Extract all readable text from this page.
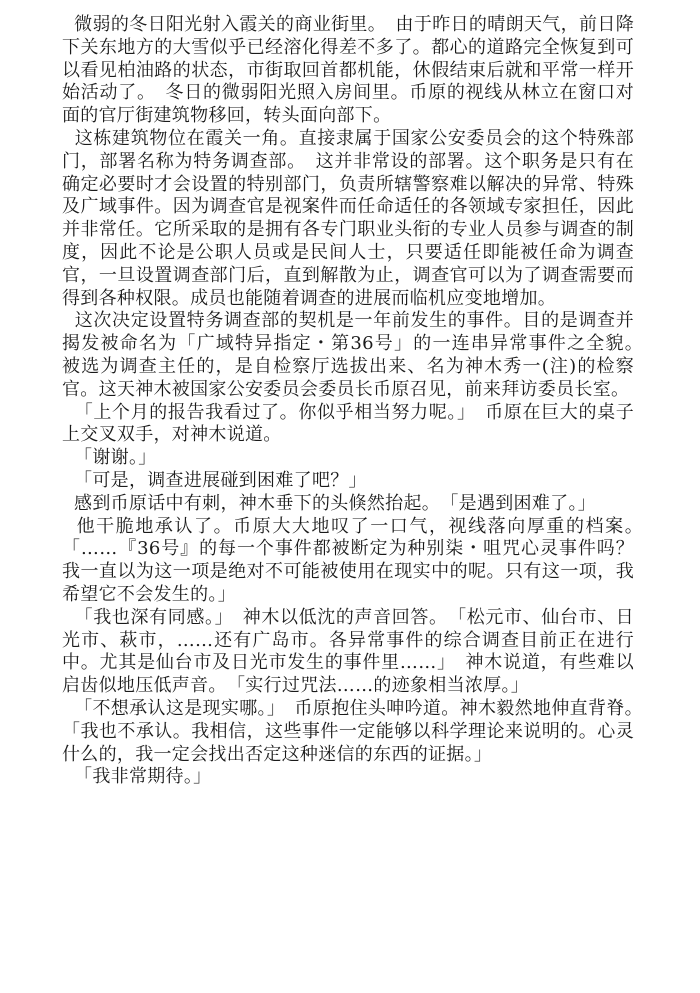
微弱的冬日阳光射入霞关的商业街里。　由于昨日的晴朗天气，前日降下关东地方的大雪似乎已经溶化得差不多了。都心的道路完全恢复到可以看见柏油路的状态，市街取回首都机能，休假结束后就和平常一样开始活动了。　冬日的微弱阳光照入房间里。币原的视线从林立在窗口对面的官厅街建筑物移回，转头面向部下。

这栋建筑物位在霞关一角。直接隶属于国家公安委员会的这个特殊部门，部署名称为特务调查部。　这并非常设的部署。这个职务是只有在确定必要时才会设置的特别部门，负责所辖警察难以解决的异常、特殊及广域事件。因为调查官是视案件而任命适任的各领域专家担任，因此并非常任。它所采取的是拥有各专门职业头衔的专业人员参与调查的制度，因此不论是公职人员或是民间人士，只要适任即能被任命为调查官，一旦设置调查部门后，直到解散为止，调查官可以为了调查需要而得到各种权限。成员也能随着调查的进展而临机应变地增加。

这次决定设置特务调查部的契机是一年前发生的事件。目的是调查并揭发被命名为「广域特异指定・第36号」的一连串异常事件之全貌。　被选为调查主任的，是自检察厅选拔出来、名为神木秀一(注)的检察官。这天神木被国家公安委员会委员长币原召见，前来拜访委员长室。

「上个月的报告我看过了。你似乎相当努力呢。」　币原在巨大的桌子上交叉双手，对神木说道。

「谢谢。」

「可是，调查进展碰到困难了吧？」

感到币原话中有刺，神木垂下的头倏然抬起。　「是遇到困难了。」

他干脆地承认了。币原大大地叹了一口气，视线落向厚重的档案。　「……『36号』的每一个事件都被断定为种别柒・咀咒心灵事件吗？我一直以为这一项是绝对不可能被使用在现实中的呢。只有这一项，我希望它不会发生的。」

「我也深有同感。」　神木以低沈的声音回答。　「松元市、仙台市、日光市、萩市，……还有广岛市。各异常事件的综合调查目前正在进行中。尤其是仙台市及日光市发生的事件里……」　神木说道，有些难以启齿似地压低声音。　「实行过咒法……的迹象相当浓厚。」

「不想承认这是现实哪。」　币原抱住头呻吟道。神木毅然地伸直背脊。　「我也不承认。我相信，这些事件一定能够以科学理论来说明的。心灵什么的，我一定会找出否定这种迷信的东西的证据。」

「我非常期待。」
